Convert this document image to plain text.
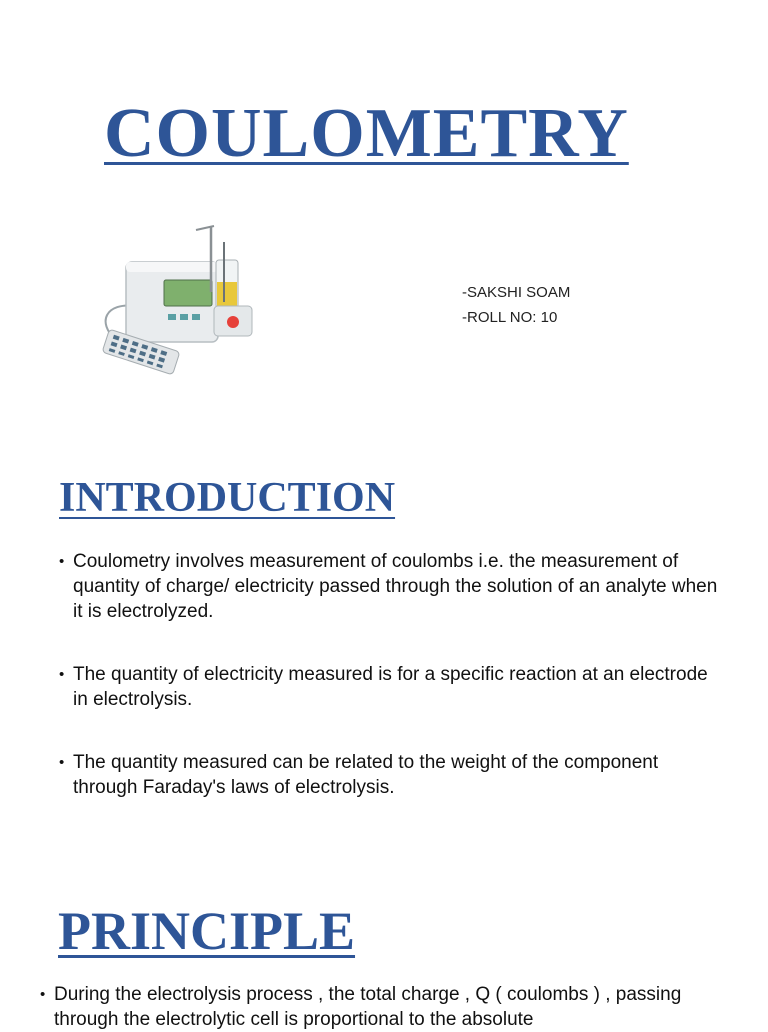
COULOMETRY
-SAKSHI SOAM
-ROLL NO: 10
INTRODUCTION
• Coulometry involves measurement of coulombs i.e. the measurement of quantity of charge/ electricity passed through the solution of an analyte when it is electrolyzed.
• The quantity of electricity measured is for a specific reaction at an electrode in electrolysis.
• The quantity measured can be related to the weight of the component through Faraday's laws of electrolysis.
PRINCIPLE
• During the electrolysis process , the total charge , Q ( coulombs ) , passing through the electrolytic cell is proportional to the absolute
